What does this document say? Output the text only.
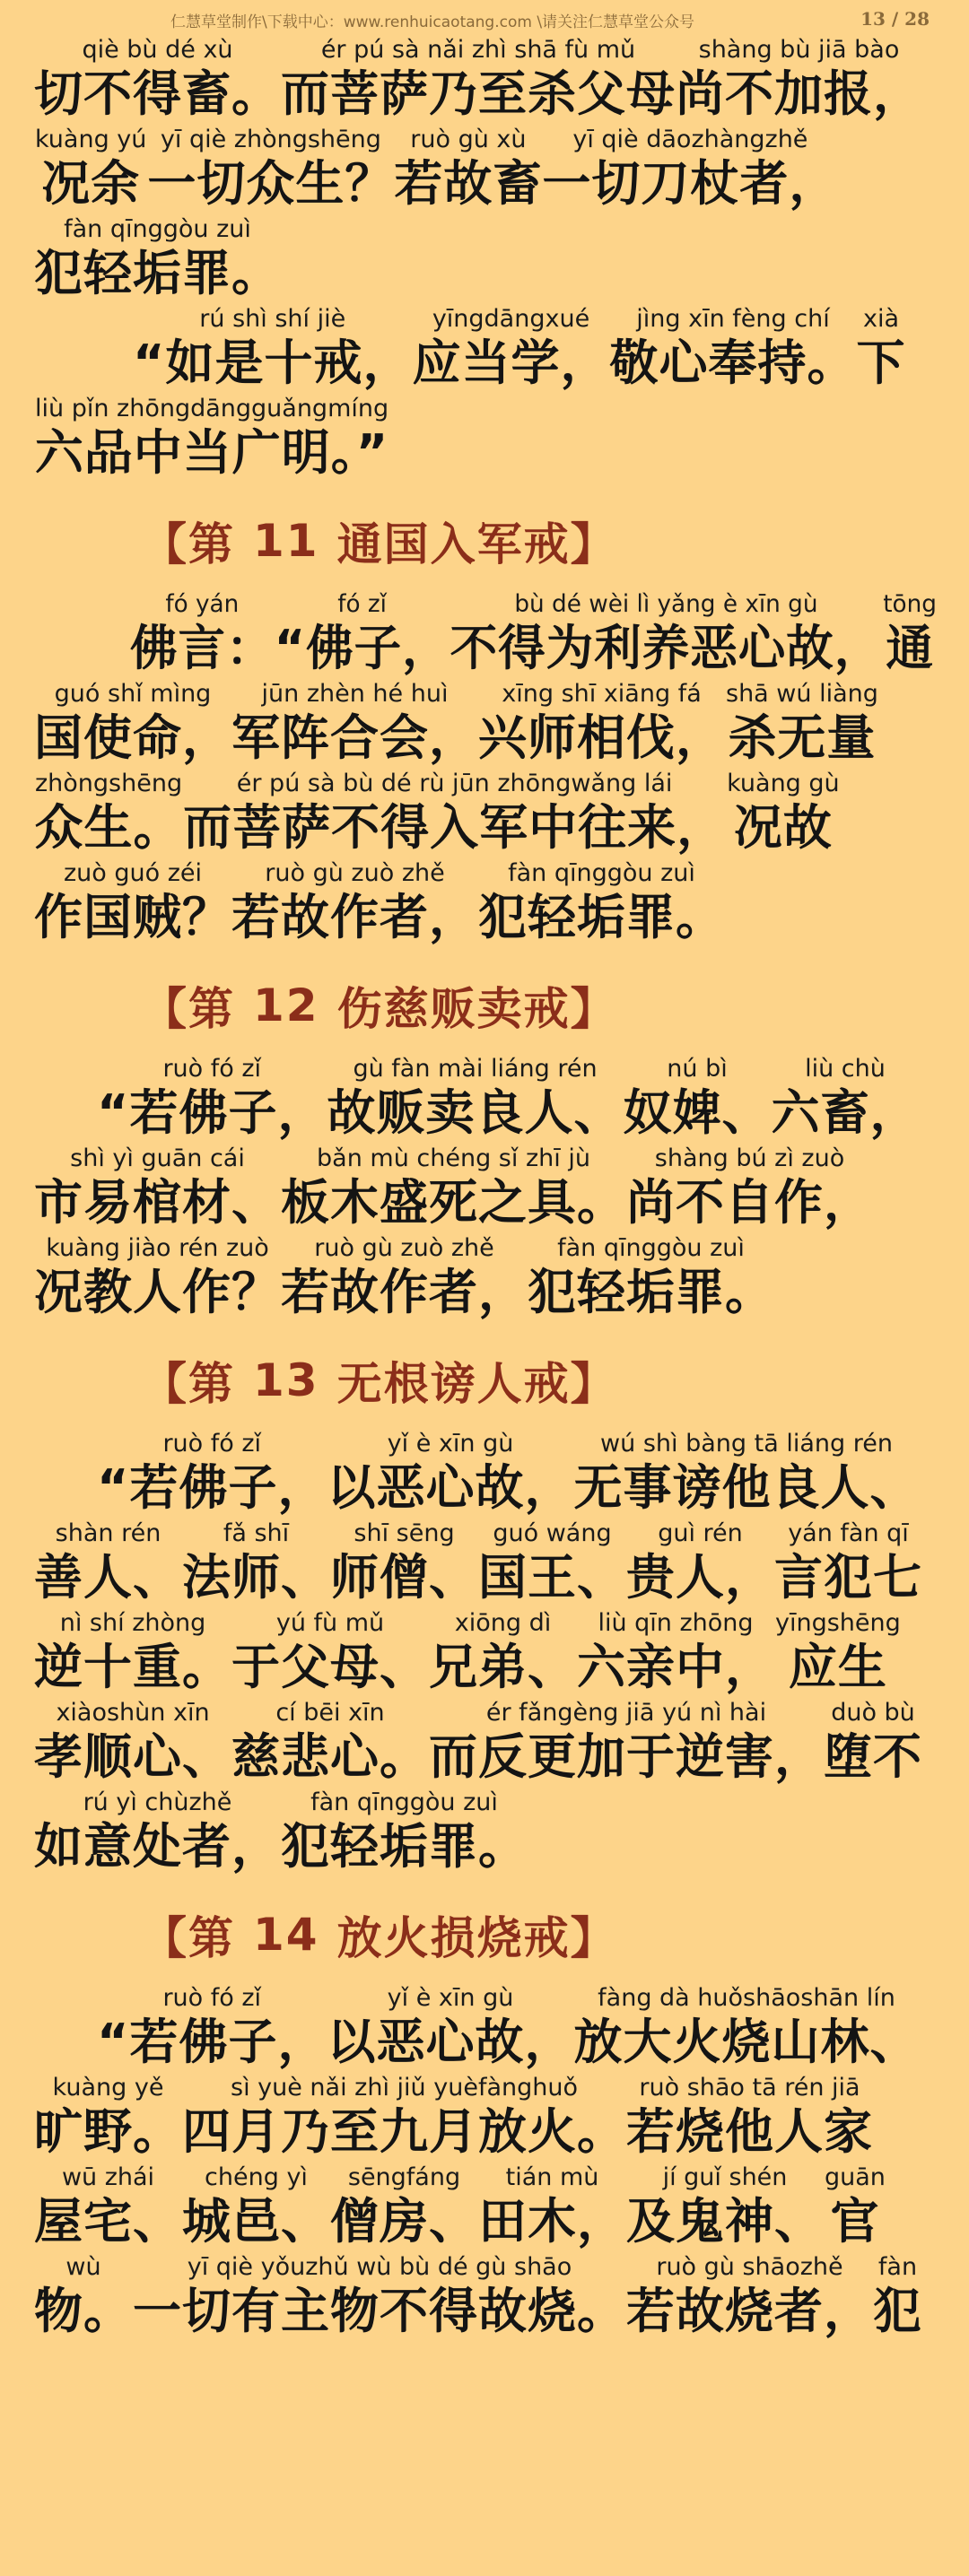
仁慧草堂制作\下载中心：www.renhuicaotang.com \请关注仁慧草堂公众号	13 / 28
qiè bù dé xù
切不得畜。
ér pú sà nǎi zhì shā fù mǔ
而菩萨乃至杀父母
shàng bù jiā bào
尚不加报，
kuàng yú
况余
yī qiè zhòngshēng
一切众生？
ruò gù xù
若故畜
yī qiè dāozhàngzhě
一切刀杖者，
fàn qīnggòu zuì
犯轻垢罪。
rú shì shí jiè
“如是十戒，
yīngdāngxué
应当学，
jìng xīn fèng chí
敬心奉持。
xià
下
liù pǐn zhōngdāngguǎngmíng
六品中当广明。”
【第 11 通国入军戒】
fó yán
佛言：
fó zǐ
“佛子，
bù dé wèi lì yǎng è xīn gù
不得为利养恶心故，
tōng
通
guó shǐ mìng
国使命，
jūn zhèn hé huì
军阵合会，
xīng shī xiāng fá
兴师相伐，
shā wú liàng
杀无量
zhòngshēng
众生。
ér pú sà bù dé rù jūn zhōngwǎng lái
而菩萨不得入军中往来，
kuàng gù
况故
zuò guó zéi
作国贼？
ruò gù zuò zhě
若故作者，
fàn qīnggòu zuì
犯轻垢罪。
【第 12 伤慈贩卖戒】
ruò fó zǐ
“若佛子，
gù fàn mài liáng rén
故贩卖良人、
nú bì
奴婢、
liù chù
六畜，
shì yì guān cái
市易棺材、
bǎn mù chéng sǐ zhī jù
板木盛死之具。
shàng bú zì zuò
尚不自作，
kuàng jiào rén zuò
况教人作？
ruò gù zuò zhě
若故作者，
fàn qīnggòu zuì
犯轻垢罪。
【第 13 无根谤人戒】
ruò fó zǐ
“若佛子，
yǐ è xīn gù
以恶心故，
wú shì bàng tā liáng rén
无事谤他良人、
shàn rén
善人、
fǎ shī
法师、
shī sēng
师僧、
guó wáng
国王、
guì rén
贵人，
yán fàn qī
言犯七
nì shí zhòng
逆十重。
yú fù mǔ
于父母、
xiōng dì
兄弟、
liù qīn zhōng
六亲中，
yīngshēng
应生
xiàoshùn xīn
孝顺心、
cí bēi xīn
慈悲心。
ér fǎngèng jiā yú nì hài
而反更加于逆害，
duò bù
堕不
rú yì chùzhě
如意处者，
fàn qīnggòu zuì
犯轻垢罪。
【第 14 放火损烧戒】
ruò fó zǐ
“若佛子，
yǐ è xīn gù
以恶心故，
fàng dà huǒshāoshān lín
放大火烧山林、
kuàng yě
旷野。
sì yuè nǎi zhì jiǔ yuèfànghuǒ
四月乃至九月放火。
ruò shāo tā rén jiā
若烧他人家
wū zhái
屋宅、
chéng yì
城邑、
sēngfáng
僧房、
tián mù
田木，
jí guǐ shén
及鬼神、
guān
官
wù
物。
yī qiè yǒuzhǔ wù bù dé gù shāo
一切有主物不得故烧。
ruò gù shāozhě
若故烧者，
fàn
犯
